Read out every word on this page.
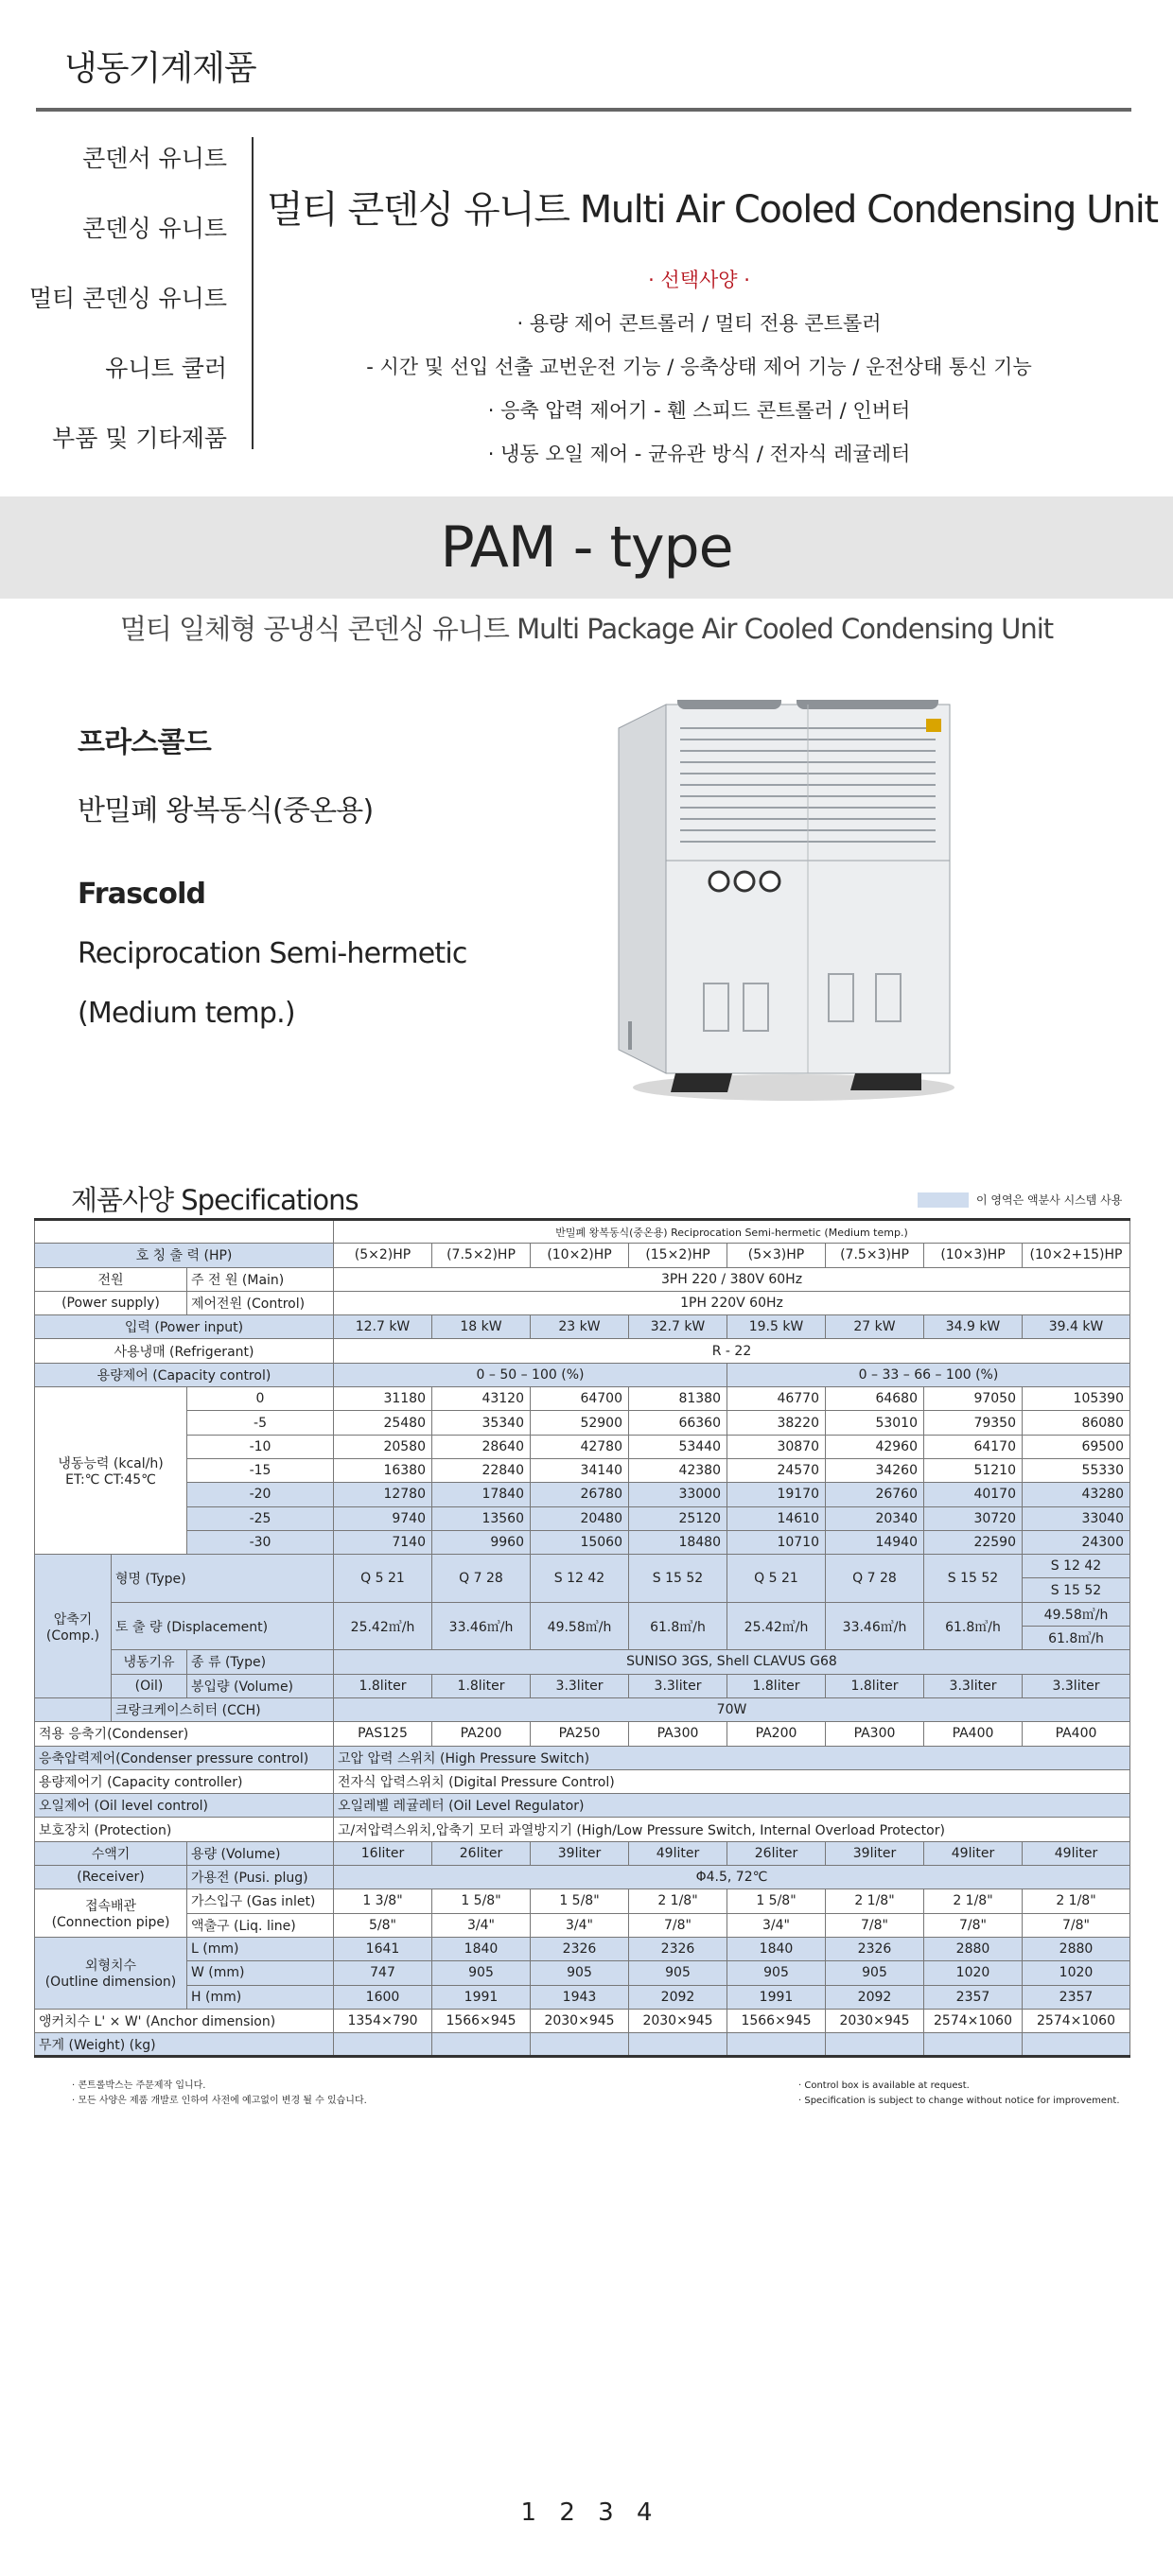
냉동기계제품
콘덴서 유니트
콘덴싱 유니트
멀티 콘덴싱 유니트
유니트 쿨러
부품 및 기타제품
멀티 콘덴싱 유니트 Multi Air Cooled Condensing Unit
· 선택사양 ·
· 용량 제어 콘트롤러 / 멀티 전용 콘트롤러
- 시간 및 선입 선출 교번운전 기능 / 응축상태 제어 기능 / 운전상태 통신 기능
· 응축 압력 제어기 - 휀 스피드 콘트롤러 / 인버터
· 냉동 오일 제어 - 균유관 방식 / 전자식 레귤레터
PAM - type
멀티 일체형 공냉식 콘덴싱 유니트 Multi Package Air Cooled Condensing Unit
프라스콜드
반밀폐 왕복동식(중온용)
Frascold
Reciprocation Semi-hermetic
(Medium temp.)
제품사양 Specifications	이 영역은 액분사 시스템 사용
			반밀폐 왕복동식(중온용) Reciprocation Semi-hermetic (Medium temp.)							
호 칭 출 력 (HP)			(5×2)HP	(7.5×2)HP	(10×2)HP	(15×2)HP	(5×3)HP	(7.5×3)HP	(10×3)HP	(10×2+15)HP
전원		주 전 원 (Main)	3PH 220 / 380V 60Hz							
(Power supply)		제어전원 (Control)	1PH 220V 60Hz							
입력 (Power input)			12.7 kW	18 kW	23 kW	32.7 kW	19.5 kW	27 kW	34.9 kW	39.4 kW
사용냉매 (Refrigerant)			R - 22							
용량제어 (Capacity control)			0 – 50 – 100 (%)				0 – 33 – 66 – 100 (%)			

냉동능력 (kcal/h)
ET:℃ CT:45℃		0	31180	43120	64700	81380	46770	64680	97050	105390
		-5	25480	35340	52900	66360	38220	53010	79350	86080
		-10	20580	28640	42780	53440	30870	42960	64170	69500
		-15	16380	22840	34140	42380	24570	34260	51210	55330
		-20	12780	17840	26780	33000	19170	26760	40170	43280
		-25	9740	13560	20480	25120	14610	20340	30720	33040
		-30	7140	9960	15060	18480	10710	14940	22590	24300

압축기
(Comp.)	형명 (Type)		Q 5 21	Q 7 28	S 12 42	S 15 52	Q 5 21	Q 7 28	S 15 52	S 12 42
										S 15 52
	토 출 량 (Displacement)		25.42㎥/h	33.46㎥/h	49.58㎥/h	61.8㎥/h	25.42㎥/h	33.46㎥/h	61.8㎥/h	49.58㎥/h
										61.8㎥/h
	냉동기유	종 류 (Type)	SUNISO 3GS, Shell CLAVUS G68							
	(Oil)	봉입량 (Volume)	1.8liter	1.8liter	3.3liter	3.3liter	1.8liter	1.8liter	3.3liter	3.3liter
	크랑크케이스히터 (CCH)		70W							
적용 응축기(Condenser)			PAS125	PA200	PA250	PA300	PA200	PA300	PA400	PA400
응축압력제어(Condenser pressure control)			고압 압력 스위치 (High Pressure Switch)							
용량제어기 (Capacity controller)			전자식 압력스위치 (Digital Pressure Control)							
오일제어 (Oil level control)			오일레벨 레귤레터 (Oil Level Regulator)							
보호장치 (Protection)			고/저압력스위치,압축기 모터 과열방지기 (High/Low Pressure Switch, Internal Overload Protector)							
수액기		용량 (Volume)	16liter	26liter	39liter	49liter	26liter	39liter	49liter	49liter
(Receiver)		가용전 (Pusi. plug)	Φ4.5, 72℃							

접속배관
(Connection pipe)		가스입구 (Gas inlet)	1 3/8"	1 5/8"	1 5/8"	2 1/8"	1 5/8"	2 1/8"	2 1/8"	2 1/8"
		액출구 (Liq. line)	5/8"	3/4"	3/4"	7/8"	3/4"	7/8"	7/8"	7/8"

외형치수
(Outline dimension)		L (mm)	1641	1840	2326	2326	1840	2326	2880	2880
		W (mm)	747	905	905	905	905	905	1020	1020
		H (mm)	1600	1991	1943	2092	1991	2092	2357	2357
앵커치수 L' × W' (Anchor dimension)			1354×790	1566×945	2030×945	2030×945	1566×945	2030×945	2574×1060	2574×1060
무게 (Weight) (kg)										
· 콘트롤박스는 주문제작 입니다.
· 모든 사양은 제품 개발로 인하여 사전에 예고없이 변경 될 수 있습니다.
· Control box is available at request.
· Specification is subject to change without notice for improvement.
1 2 3 4
